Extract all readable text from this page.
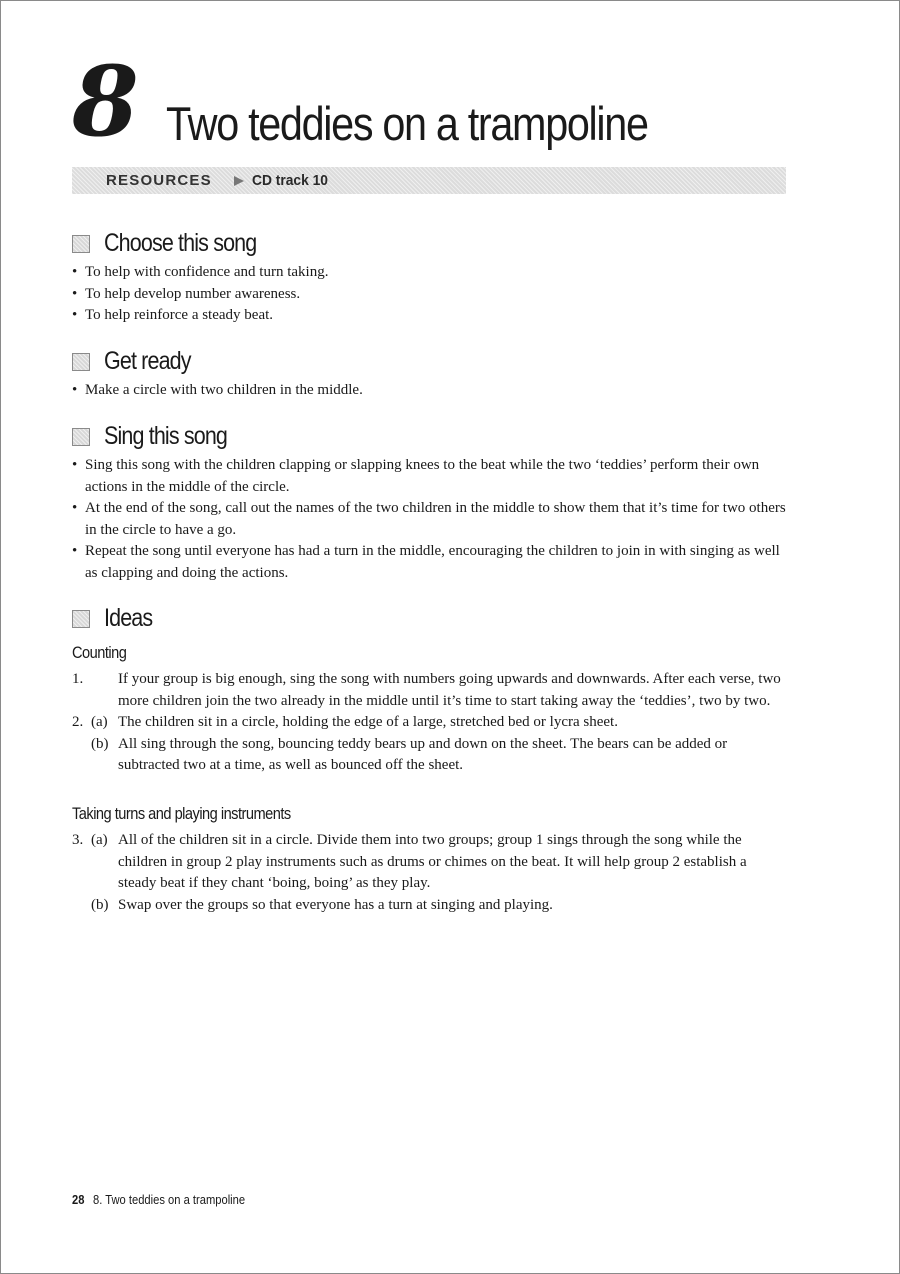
8 Two teddies on a trampoline
RESOURCES	CD track 10
Choose this song
• To help with confidence and turn taking.
• To help develop number awareness.
• To help reinforce a steady beat.
Get ready
• Make a circle with two children in the middle.
Sing this song
• Sing this song with the children clapping or slapping knees to the beat while the two ‘teddies’ perform their own actions in the middle of the circle.
• At the end of the song, call out the names of the two children in the middle to show them that it’s time for two others in the circle to have a go.
• Repeat the song until everyone has had a turn in the middle, encouraging the children to join in with singing as well as clapping and doing the actions.
Ideas
Counting
1. If your group is big enough, sing the song with numbers going upwards and downwards. After each verse, two more children join the two already in the middle until it’s time to start taking away the ‘teddies’, two by two.
2. (a) The children sit in a circle, holding the edge of a large, stretched bed or lycra sheet.
(b) All sing through the song, bouncing teddy bears up and down on the sheet. The bears can be added or subtracted two at a time, as well as bounced off the sheet.
Taking turns and playing instruments
3. (a) All of the children sit in a circle. Divide them into two groups; group 1 sings through the song while the children in group 2 play instruments such as drums or chimes on the beat. It will help group 2 establish a steady beat if they chant ‘boing, boing’ as they play.
(b) Swap over the groups so that everyone has a turn at singing and playing.
28 8. Two teddies on a trampoline
